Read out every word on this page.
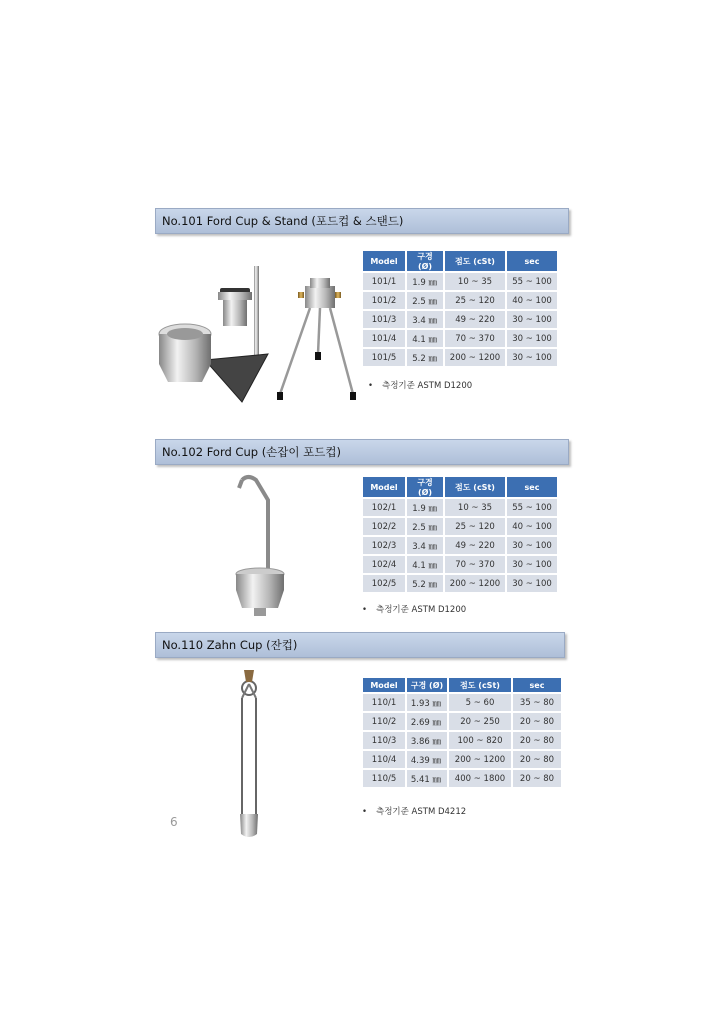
No.101 Ford Cup & Stand (포드컵 & 스탠드)
Model	구경 (Ø)	점도 (cSt)	sec
101/1	1.9 ㎜	10 ~ 35	55 ~ 100
101/2	2.5 ㎜	25 ~ 120	40 ~ 100
101/3	3.4 ㎜	49 ~ 220	30 ~ 100
101/4	4.1 ㎜	70 ~ 370	30 ~ 100
101/5	5.2 ㎜	200 ~ 1200	30 ~ 100
• 측정기준 ASTM D1200
No.102 Ford Cup (손잡이 포드컵)
Model	구경 (Ø)	점도 (cSt)	sec
102/1	1.9 ㎜	10 ~ 35	55 ~ 100
102/2	2.5 ㎜	25 ~ 120	40 ~ 100
102/3	3.4 ㎜	49 ~ 220	30 ~ 100
102/4	4.1 ㎜	70 ~ 370	30 ~ 100
102/5	5.2 ㎜	200 ~ 1200	30 ~ 100
• 측정기준 ASTM D1200
No.110 Zahn Cup (잔컵)
Model	구경 (Ø)	점도 (cSt)	sec
110/1	1.93 ㎜	5 ~ 60	35 ~ 80
110/2	2.69 ㎜	20 ~ 250	20 ~ 80
110/3	3.86 ㎜	100 ~ 820	20 ~ 80
110/4	4.39 ㎜	200 ~ 1200	20 ~ 80
110/5	5.41 ㎜	400 ~ 1800	20 ~ 80
• 측정기준 ASTM D4212
6
